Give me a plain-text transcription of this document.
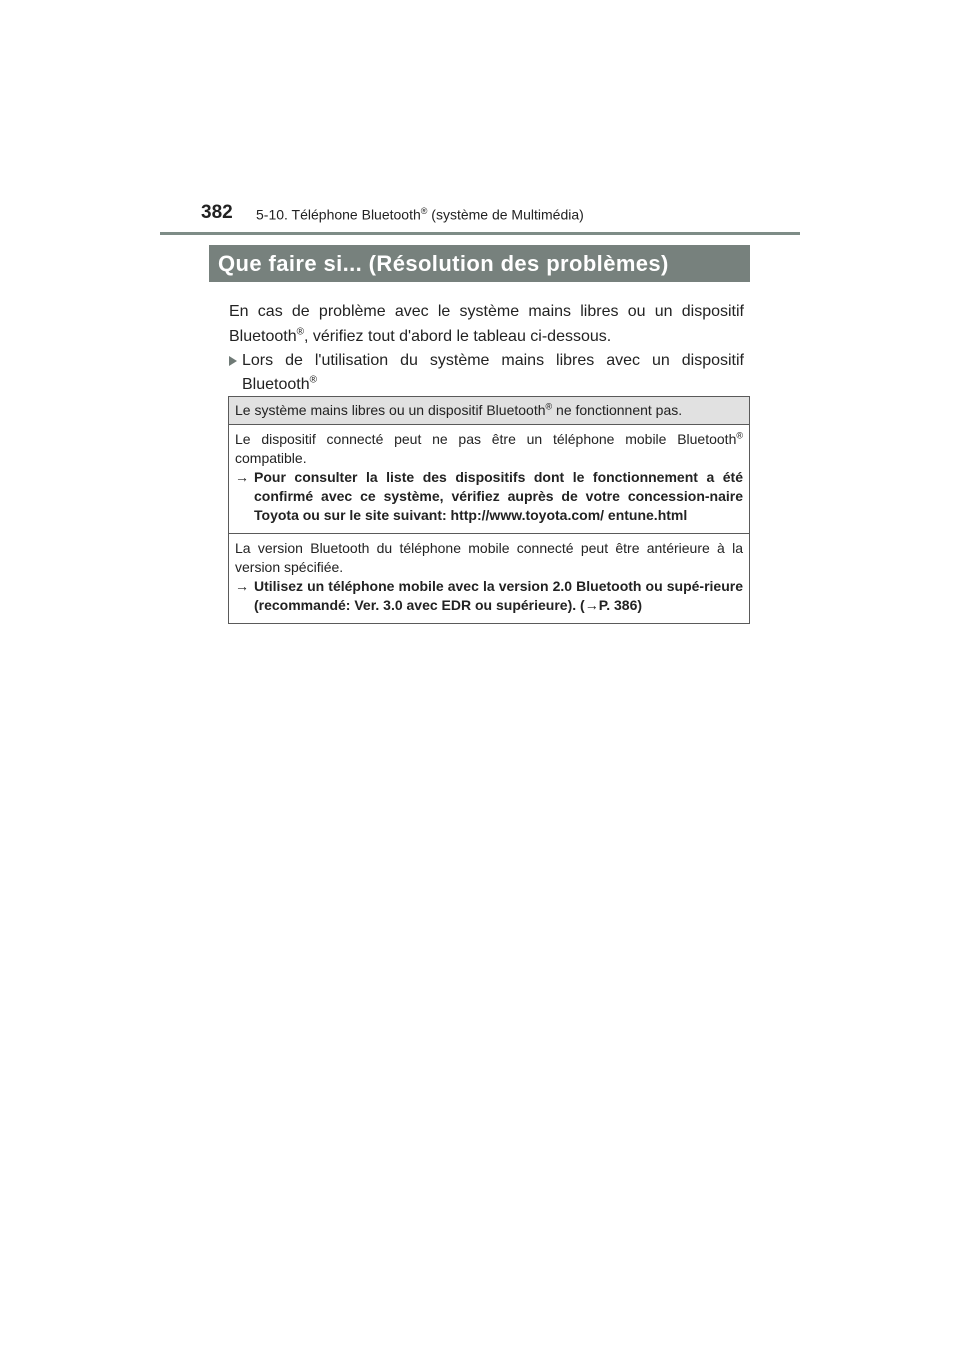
382 5-10. Téléphone Bluetooth® (système de Multimédia)
Que faire si... (Résolution des problèmes)

En cas de problème avec le système mains libres ou un dispositif Bluetooth®, vérifiez tout d'abord le tableau ci-dessous.

Lors de l'utilisation du système mains libres avec un dispositif Bluetooth®
Le système mains libres ou un dispositif Bluetooth® ne fonctionnent pas.
Le dispositif connecté peut ne pas être un téléphone mobile Bluetooth® compatible.
→ Pour consulter la liste des dispositifs dont le fonctionnement a été confirmé avec ce système, vérifiez auprès de votre concession-naire Toyota ou sur le site suivant: http://www.toyota.com/ entune.html
La version Bluetooth du téléphone mobile connecté peut être antérieure à la version spécifiée.
→ Utilisez un téléphone mobile avec la version 2.0 Bluetooth ou supé-rieure (recommandé: Ver. 3.0 avec EDR ou supérieure). (→P. 386)
